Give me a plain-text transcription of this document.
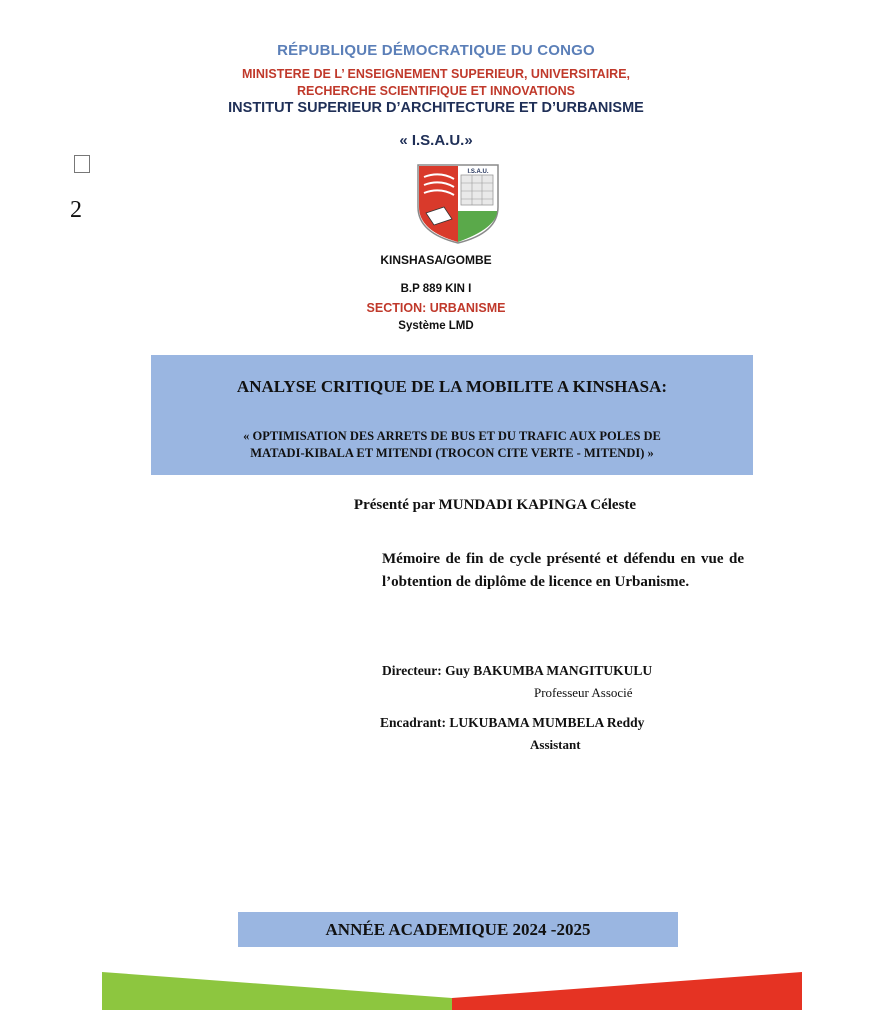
RÉPUBLIQUE DÉMOCRATIQUE DU CONGO
MINISTERE DE L’ ENSEIGNEMENT SUPERIEUR, UNIVERSITAIRE,
RECHERCHE SCIENTIFIQUE ET INNOVATIONS
INSTITUT SUPERIEUR D’ARCHITECTURE ET D’URBANISME
« I.S.A.U.»
2
I.S.A.U.
KINSHASA/GOMBE
B.P 889 KIN I
SECTION: URBANISME
Système LMD
ANALYSE CRITIQUE DE LA MOBILITE A KINSHASA:
« OPTIMISATION DES ARRETS DE BUS ET DU TRAFIC AUX POLES DE
MATADI-KIBALA ET MITENDI (TROCON CITE VERTE - MITENDI) »
Présenté par MUNDADI KAPINGA Céleste
Mémoire de fin de cycle présenté et défendu en vue de l’obtention de diplôme de licence en Urbanisme.
Directeur: Guy BAKUMBA MANGITUKULU
Professeur Associé
Encadrant: LUKUBAMA MUMBELA Reddy
Assistant
ANNÉE ACADEMIQUE 2024 -2025
